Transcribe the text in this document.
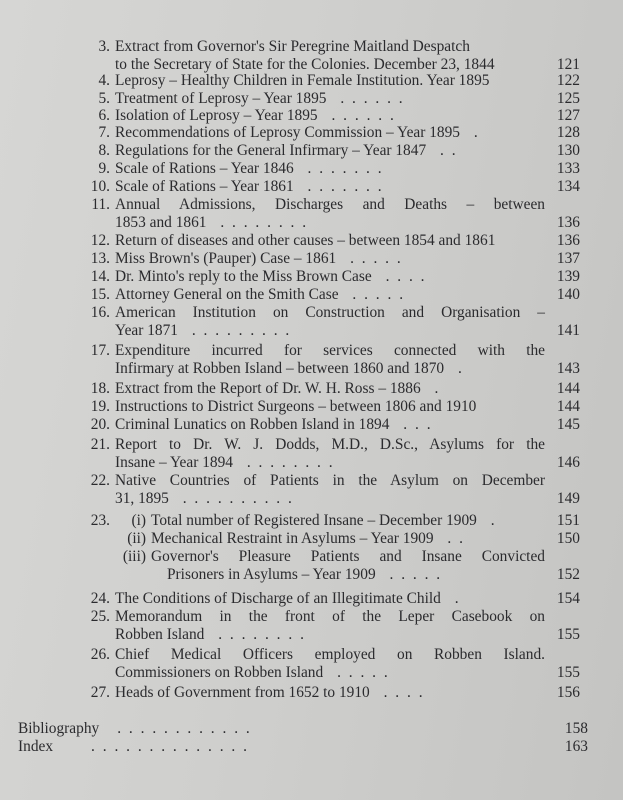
3. Extract from Governor's Sir Peregrine Maitland Despatch
to the Secretary of State for the Colonies. December 23, 1844	121
4. Leprosy – Healthy Children in Female Institution. Year 1895	122
5. Treatment of Leprosy – Year 1895 . . . . . .	125
6. Isolation of Leprosy – Year 1895 . . . . . .	127
7. Recommendations of Leprosy Commission – Year 1895 .	128
8. Regulations for the General Infirmary – Year 1847 . .	130
9. Scale of Rations – Year 1846 . . . . . . .	133
10. Scale of Rations – Year 1861 . . . . . . .	134
11. Annual Admissions, Discharges and Deaths – between
1853 and 1861 . . . . . . . .	136
12. Return of diseases and other causes – between 1854 and 1861	136
13. Miss Brown's (Pauper) Case – 1861 . . . . .	137
14. Dr. Minto's reply to the Miss Brown Case . . . .	139
15. Attorney General on the Smith Case . . . . .	140
16. American Institution on Construction and Organisation –
Year 1871 . . . . . . . . .	141
17. Expenditure incurred for services connected with the
Infirmary at Robben Island – between 1860 and 1870 .	143
18. Extract from the Report of Dr. W. H. Ross – 1886 .	144
19. Instructions to District Surgeons – between 1806 and 1910	144
20. Criminal Lunatics on Robben Island in 1894 . . .	145
21. Report to Dr. W. J. Dodds, M.D., D.Sc., Asylums for the
Insane – Year 1894 . . . . . . . .	146
22. Native Countries of Patients in the Asylum on December
31, 1895 . . . . . . . . . .	149
23.	(i) Total number of Registered Insane – December 1909 .	151
(ii) Mechanical Restraint in Asylums – Year 1909 . .	150
(iii) Governor's Pleasure Patients and Insane Convicted
Prisoners in Asylums – Year 1909 . . . . .	152
24. The Conditions of Discharge of an Illegitimate Child .	154
25. Memorandum in the front of the Leper Casebook on
Robben Island . . . . . . . .	155
26. Chief Medical Officers employed on Robben Island.
Commissioners on Robben Island . . . . .	155
27. Heads of Government from 1652 to 1910 . . . .	156
Bibliography . . . . . . . . . . . .	158
Index . . . . . . . . . . . . . .	163
